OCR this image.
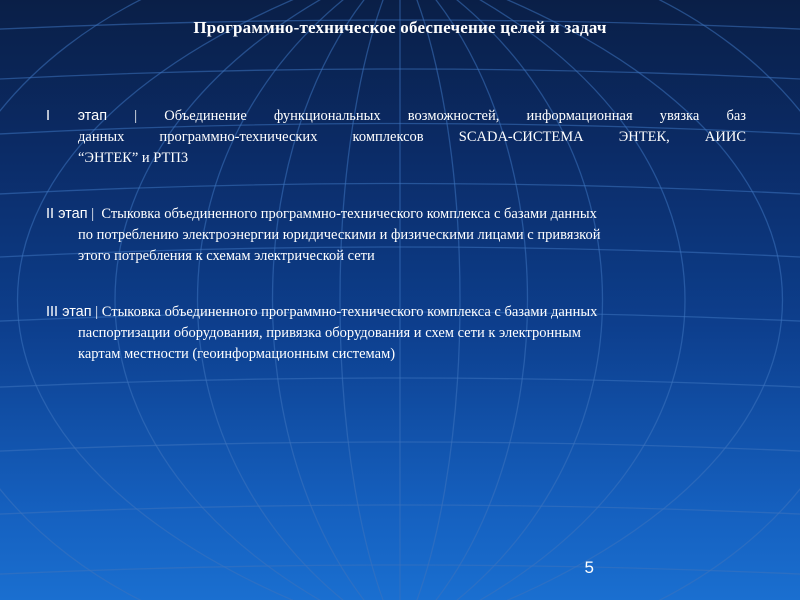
Программно-техническое обеспечение целей и задач
I этап | Объединение функциональных возможностей, информационная увязка баз
данных программно-технических комплексов SCADA-СИСТЕМА ЭНТЕК, АИИС
“ЭНТЕК” и РТП3
II этап | Стыковка объединенного программно-технического комплекса с базами данных
по потреблению электроэнергии юридическими и физическими лицами с привязкой
этого потребления к схемам электрической сети
III этап | Стыковка объединенного программно-технического комплекса с базами данных
паспортизации оборудования, привязка оборудования и схем сети к электронным
картам местности (геоинформационным системам)
5
